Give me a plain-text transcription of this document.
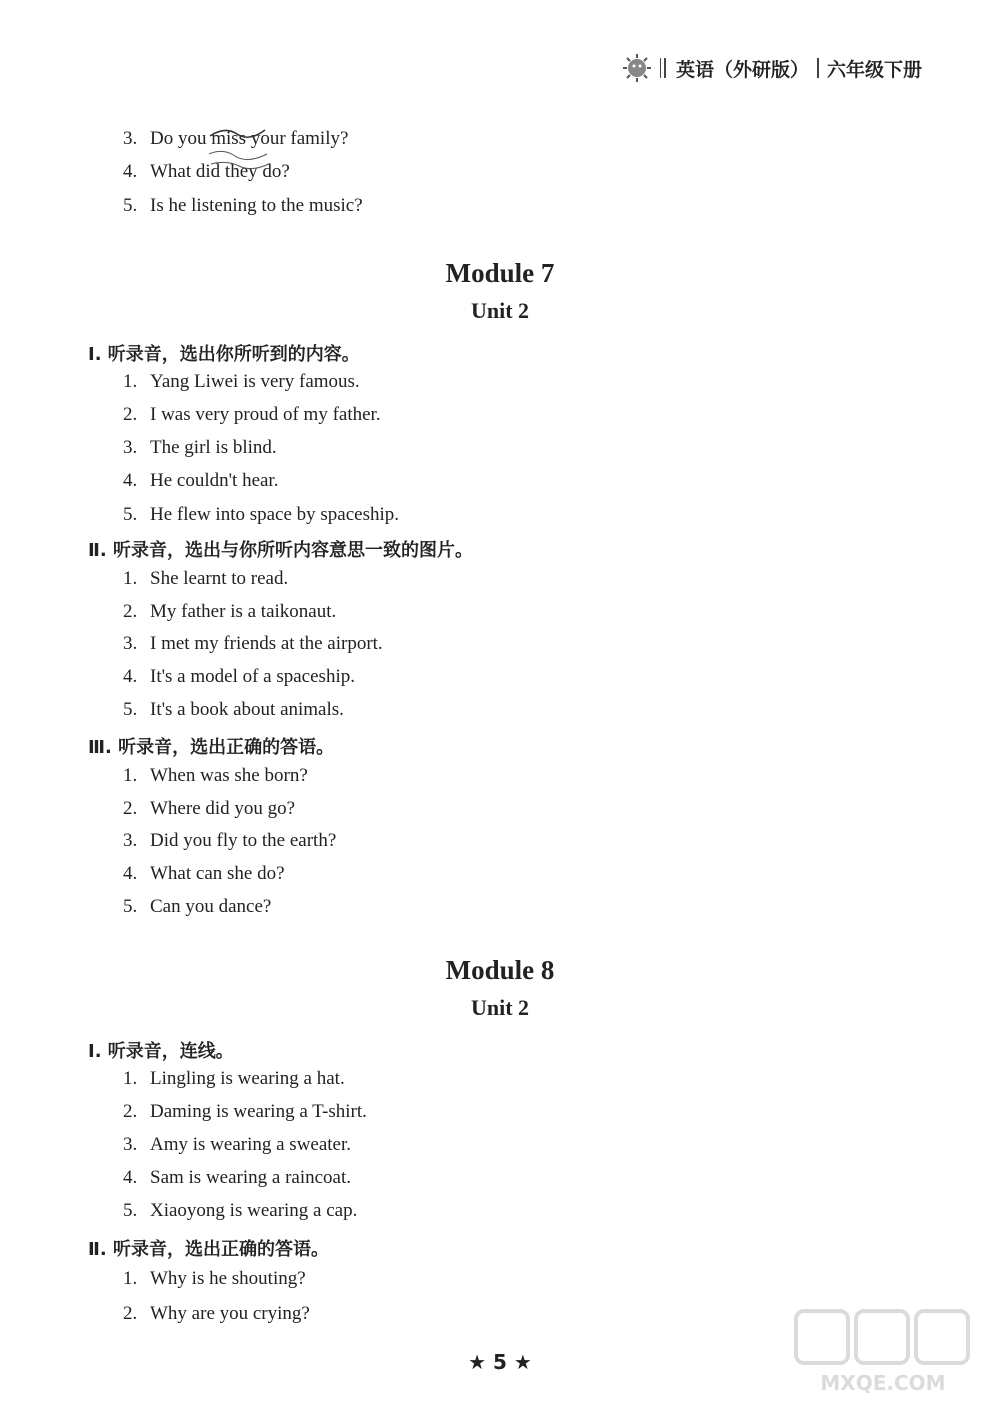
英语（外研版） 六年级下册
3. Do you miss your family?
4. What did they do?
5. Is he listening to the music?
Module 7
Unit 2
Ⅰ. 听录音，选出你所听到的内容。
1. Yang Liwei is very famous.
2. I was very proud of my father.
3. The girl is blind.
4. He couldn't hear.
5. He flew into space by spaceship.
Ⅱ. 听录音，选出与你所听内容意思一致的图片。
1. She learnt to read.
2. My father is a taikonaut.
3. I met my friends at the airport.
4. It's a model of a spaceship.
5. It's a book about animals.
Ⅲ. 听录音，选出正确的答语。
1. When was she born?
2. Where did you go?
3. Did you fly to the earth?
4. What can she do?
5. Can you dance?
Module 8
Unit 2
Ⅰ. 听录音，连线。
1. Lingling is wearing a hat.
2. Daming is wearing a T-shirt.
3. Amy is wearing a sweater.
4. Sam is wearing a raincoat.
5. Xiaoyong is wearing a cap.
Ⅱ. 听录音，选出正确的答语。
1. Why is he shouting?
2. Why are you crying?
★ 5 ★
MXQE.COM
